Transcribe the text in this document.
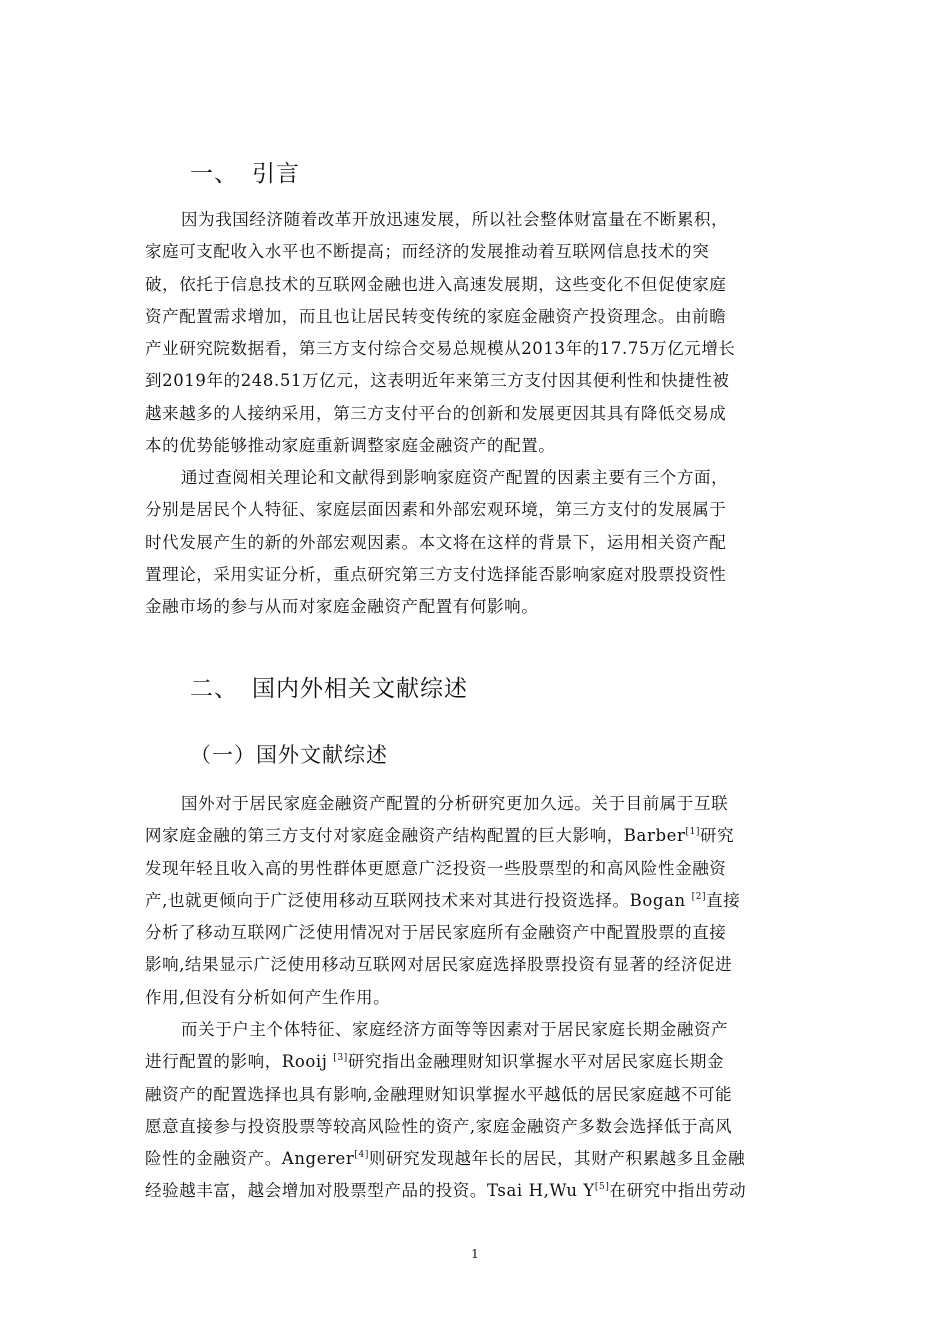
一、 引言
因为我国经济随着改革开放迅速发展，所以社会整体财富量在不断累积，
家庭可支配收入水平也不断提高；而经济的发展推动着互联网信息技术的突
破，依托于信息技术的互联网金融也进入高速发展期，这些变化不但促使家庭
资产配置需求增加，而且也让居民转变传统的家庭金融资产投资理念。由前瞻
产业研究院数据看，第三方支付综合交易总规模从2013年的17.75万亿元增长
到2019年的248.51万亿元，这表明近年来第三方支付因其便利性和快捷性被
越来越多的人接纳采用，第三方支付平台的创新和发展更因其具有降低交易成
本的优势能够推动家庭重新调整家庭金融资产的配置。
通过查阅相关理论和文献得到影响家庭资产配置的因素主要有三个方面，
分别是居民个人特征、家庭层面因素和外部宏观环境，第三方支付的发展属于
时代发展产生的新的外部宏观因素。本文将在这样的背景下，运用相关资产配
置理论，采用实证分析，重点研究第三方支付选择能否影响家庭对股票投资性
金融市场的参与从而对家庭金融资产配置有何影响。
二、 国内外相关文献综述
（一）国外文献综述
国外对于居民家庭金融资产配置的分析研究更加久远。关于目前属于互联
网家庭金融的第三方支付对家庭金融资产结构配置的巨大影响，Barber[1]研究
发现年轻且收入高的男性群体更愿意广泛投资一些股票型的和高风险性金融资
产,也就更倾向于广泛使用移动互联网技术来对其进行投资选择。Bogan [2]直接
分析了移动互联网广泛使用情况对于居民家庭所有金融资产中配置股票的直接
影响,结果显示广泛使用移动互联网对居民家庭选择股票投资有显著的经济促进
作用,但没有分析如何产生作用。
而关于户主个体特征、家庭经济方面等等因素对于居民家庭长期金融资产
进行配置的影响，Rooij [3]研究指出金融理财知识掌握水平对居民家庭长期金
融资产的配置选择也具有影响,金融理财知识掌握水平越低的居民家庭越不可能
愿意直接参与投资股票等较高风险性的资产,家庭金融资产多数会选择低于高风
险性的金融资产。Angerer[4]则研究发现越年长的居民，其财产积累越多且金融
经验越丰富，越会增加对股票型产品的投资。Tsai H,Wu Y[5]在研究中指出劳动
1
